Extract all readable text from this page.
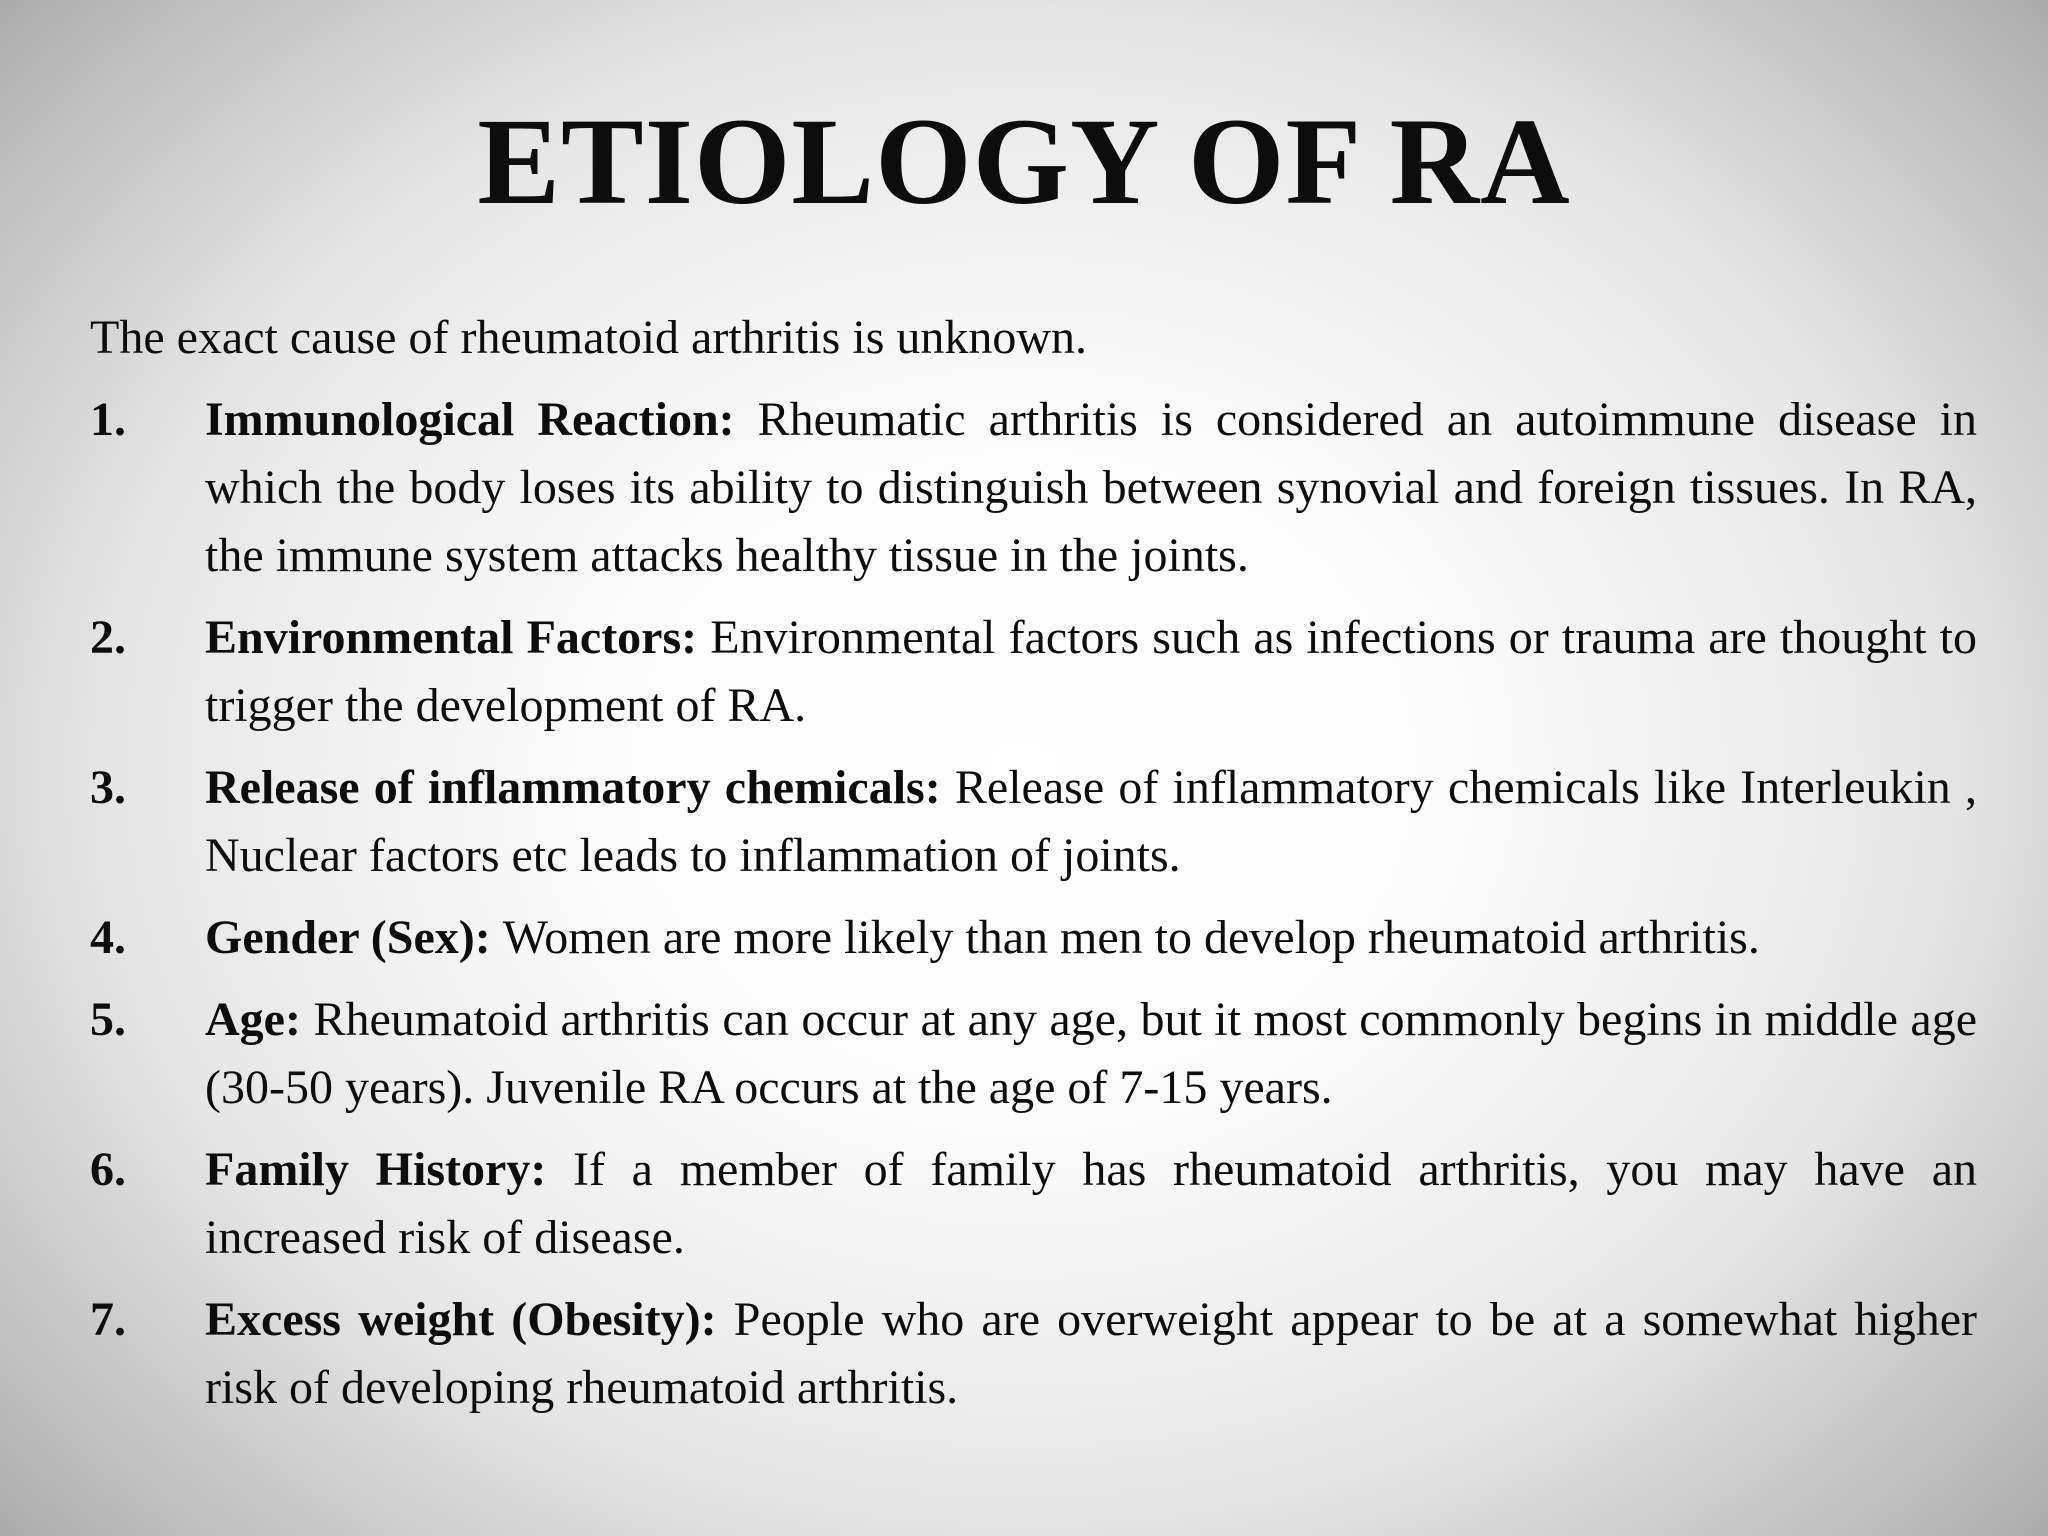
ETIOLOGY OF RA

The exact cause of rheumatoid arthritis is unknown.

1. Immunological Reaction: Rheumatic arthritis is considered an autoimmune disease in which the body loses its ability to distinguish between synovial and foreign tissues. In RA, the immune system attacks healthy tissue in the joints.
2. Environmental Factors: Environmental factors such as infections or trauma are thought to trigger the development of RA.
3. Release of inflammatory chemicals: Release of inflammatory chemicals like Interleukin , Nuclear factors etc leads to inflammation of joints.
4. Gender (Sex): Women are more likely than men to develop rheumatoid arthritis.
5. Age: Rheumatoid arthritis can occur at any age, but it most commonly begins in middle age (30-50 years). Juvenile RA occurs at the age of 7-15 years.
6. Family History: If a member of family has rheumatoid arthritis, you may have an increased risk of disease.
7. Excess weight (Obesity): People who are overweight appear to be at a somewhat higher risk of developing rheumatoid arthritis.
